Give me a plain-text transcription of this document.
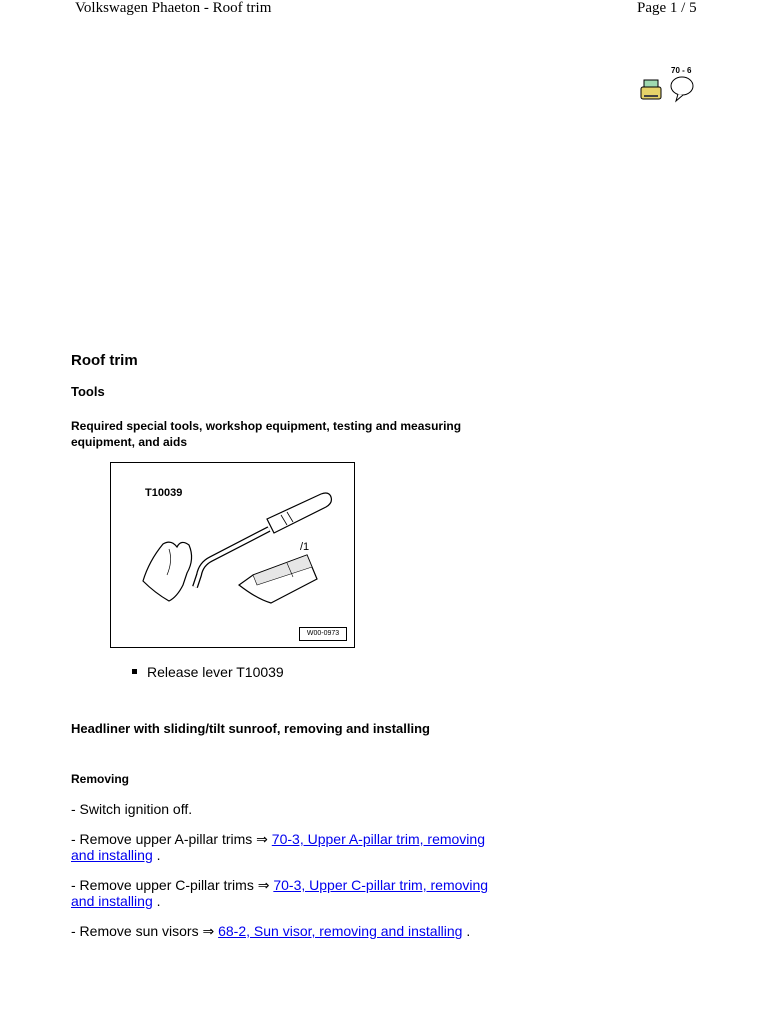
Volkswagen Phaeton - Roof trim	Page 1 / 5
70 - 6
Roof trim
Tools
Required special tools, workshop equipment, testing and measuring equipment, and aids
T10039
/1
W00-0973
Release lever T10039
Headliner with sliding/tilt sunroof, removing and installing
Removing
- Switch ignition off.
- Remove upper A-pillar trims ⇒ 70-3, Upper A-pillar trim, removing and installing .
- Remove upper C-pillar trims ⇒ 70-3, Upper C-pillar trim, removing and installing .
- Remove sun visors ⇒ 68-2, Sun visor, removing and installing .
